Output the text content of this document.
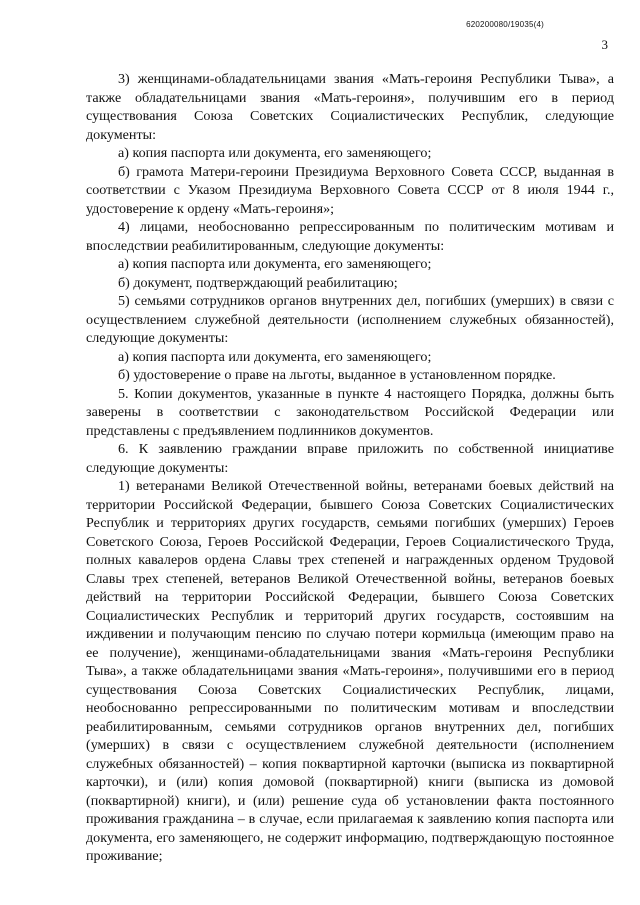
620200080/19035(4)
3

3) женщинами-обладательницами звания «Мать-героиня Республики Тыва», а также обладательницами звания «Мать-героиня», получившим его в период существования Союза Советских Социалистических Республик, следующие документы:

а) копия паспорта или документа, его заменяющего;

б) грамота Матери-героини Президиума Верховного Совета СССР, выданная в соответствии с Указом Президиума Верховного Совета СССР от 8 июля 1944 г., удостоверение к ордену «Мать-героиня»;

4) лицами, необоснованно репрессированным по политическим мотивам и впоследствии реабилитированным, следующие документы:

а) копия паспорта или документа, его заменяющего;

б) документ, подтверждающий реабилитацию;

5) семьями сотрудников органов внутренних дел, погибших (умерших) в связи с осуществлением служебной деятельности (исполнением служебных обязанностей), следующие документы:

а) копия паспорта или документа, его заменяющего;

б) удостоверение о праве на льготы, выданное в установленном порядке.

5. Копии документов, указанные в пункте 4 настоящего Порядка, должны быть заверены в соответствии с законодательством Российской Федерации или представлены с предъявлением подлинников документов.

6. К заявлению граждании вправе приложить по собственной инициативе следующие документы:

1) ветеранами Великой Отечественной войны, ветеранами боевых действий на территории Российской Федерации, бывшего Союза Советских Социалистических Республик и территориях других государств, семьями погибших (умерших) Героев Советского Союза, Героев Российской Федерации, Героев Социалистического Труда, полных кавалеров ордена Славы трех степеней и награжденных орденом Трудовой Славы трех степеней, ветеранов Великой Отечественной войны, ветеранов боевых действий на территории Российской Федерации, бывшего Союза Советских Социалистических Республик и территорий других государств, состоявшим на иждивении и получающим пенсию по случаю потери кормильца (имеющим право на ее получение), женщинами-обладательницами звания «Мать-героиня Республики Тыва», а также обладательницами звания «Мать-героиня», получившими его в период существования Союза Советских Социалистических Республик, лицами, необоснованно репрессированными по политическим мотивам и впоследствии реабилитированным, семьями сотрудников органов внутренних дел, погибших (умерших) в связи с осуществлением служебной деятельности (исполнением служебных обязанностей) – копия поквартирной карточки (выписка из поквартирной карточки), и (или) копия домовой (поквартирной) книги (выписка из домовой (поквартирной) книги), и (или) решение суда об установлении факта постоянного проживания гражданина – в случае, если прилагаемая к заявлению копия паспорта или документа, его заменяющего, не содержит информацию, подтверждающую постоянное проживание;
